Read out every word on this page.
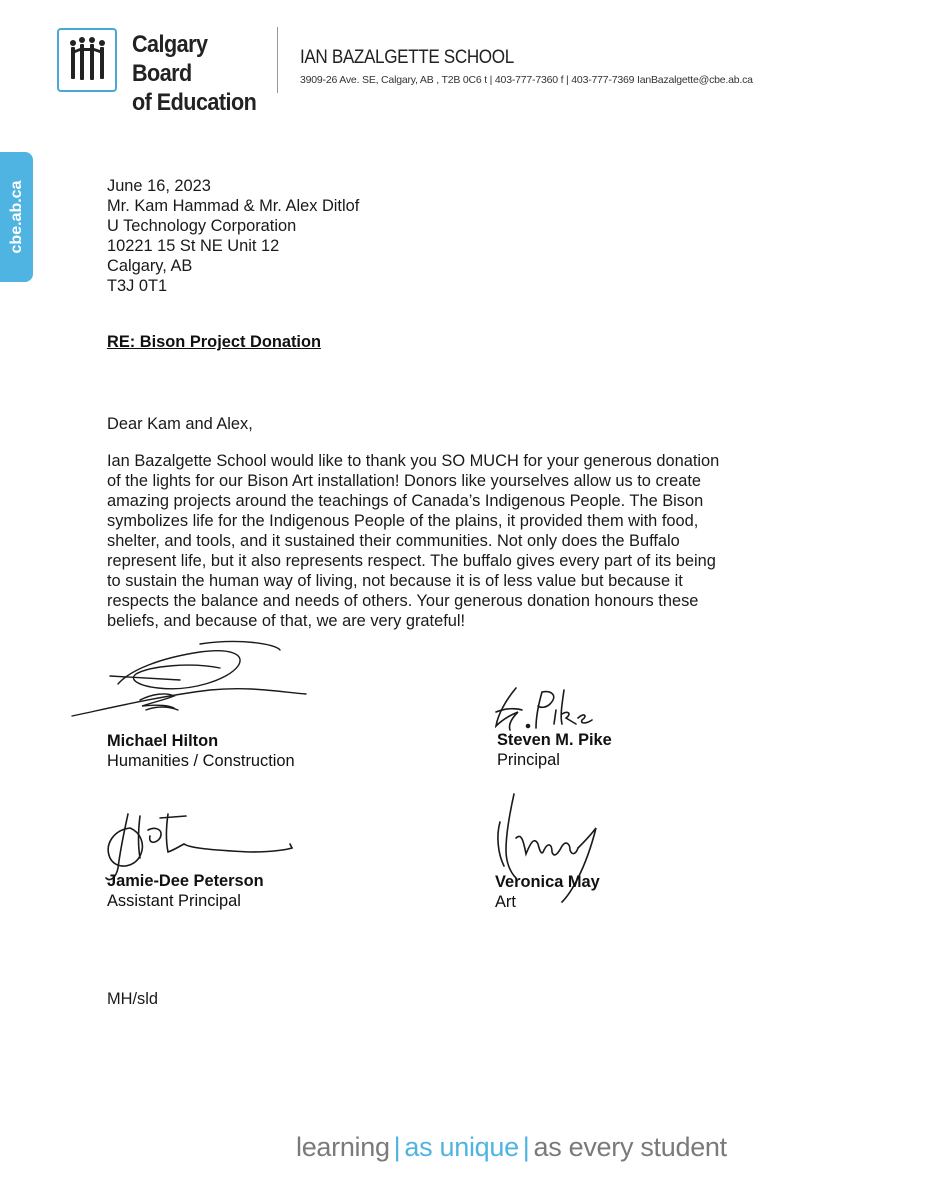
Calgary Board
of Education
IAN BAZALGETTE SCHOOL
3909-26 Ave. SE, Calgary, AB , T2B 0C6 t | 403-777-7360 f | 403-777-7369 IanBazalgette@cbe.ab.ca
cbe.ab.ca	June 16, 2023
Mr. Kam Hammad & Mr. Alex Ditlof
U Technology Corporation
10221 15 St NE Unit 12
Calgary, AB
T3J 0T1
RE: Bison Project Donation
Dear Kam and Alex,
Ian Bazalgette School would like to thank you SO MUCH for your generous donation
of the lights for our Bison Art installation! Donors like yourselves allow us to create
amazing projects around the teachings of Canada’s Indigenous People. The Bison
symbolizes life for the Indigenous People of the plains, it provided them with food,
shelter, and tools, and it sustained their communities. Not only does the Buffalo
represent life, but it also represents respect. The buffalo gives every part of its being
to sustain the human way of living, not because it is of less value but because it
respects the balance and needs of others. Your generous donation honours these
beliefs, and because of that, we are very grateful!
Michael Hilton
Humanities / Construction
Steven M. Pike
Principal
Jamie-Dee Peterson
Assistant Principal
Veronica May
Art
MH/sld
learning | as unique | as every student
